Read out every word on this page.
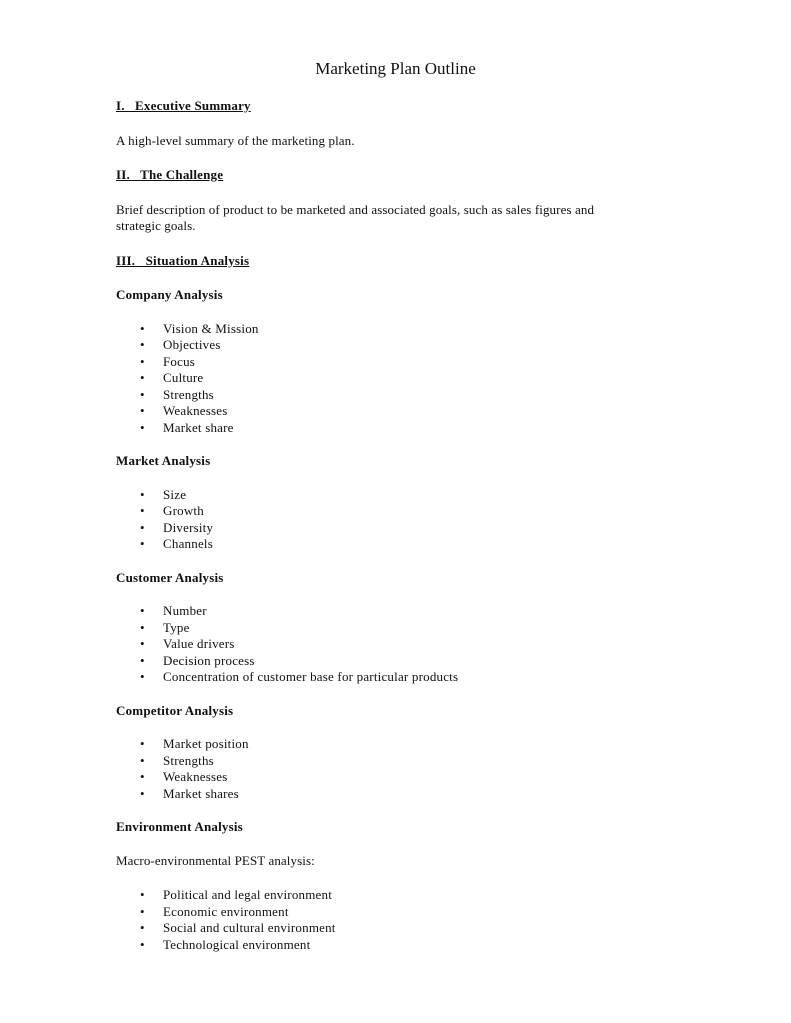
Marketing Plan Outline
I.   Executive Summary

A high-level summary of the marketing plan.

II.   The Challenge

Brief description of product to be marketed and associated goals, such as sales figures and
strategic goals.

III.   Situation Analysis
Company Analysis
• Vision & Mission
• Objectives
• Focus
• Culture
• Strengths
• Weaknesses
• Market share
Market Analysis
• Size
• Growth
• Diversity
• Channels
Customer Analysis
• Number
• Type
• Value drivers
• Decision process
• Concentration of customer base for particular products
Competitor Analysis
• Market position
• Strengths
• Weaknesses
• Market shares
Environment Analysis

Macro-environmental PEST analysis:

• Political and legal environment
• Economic environment
• Social and cultural environment
• Technological environment
